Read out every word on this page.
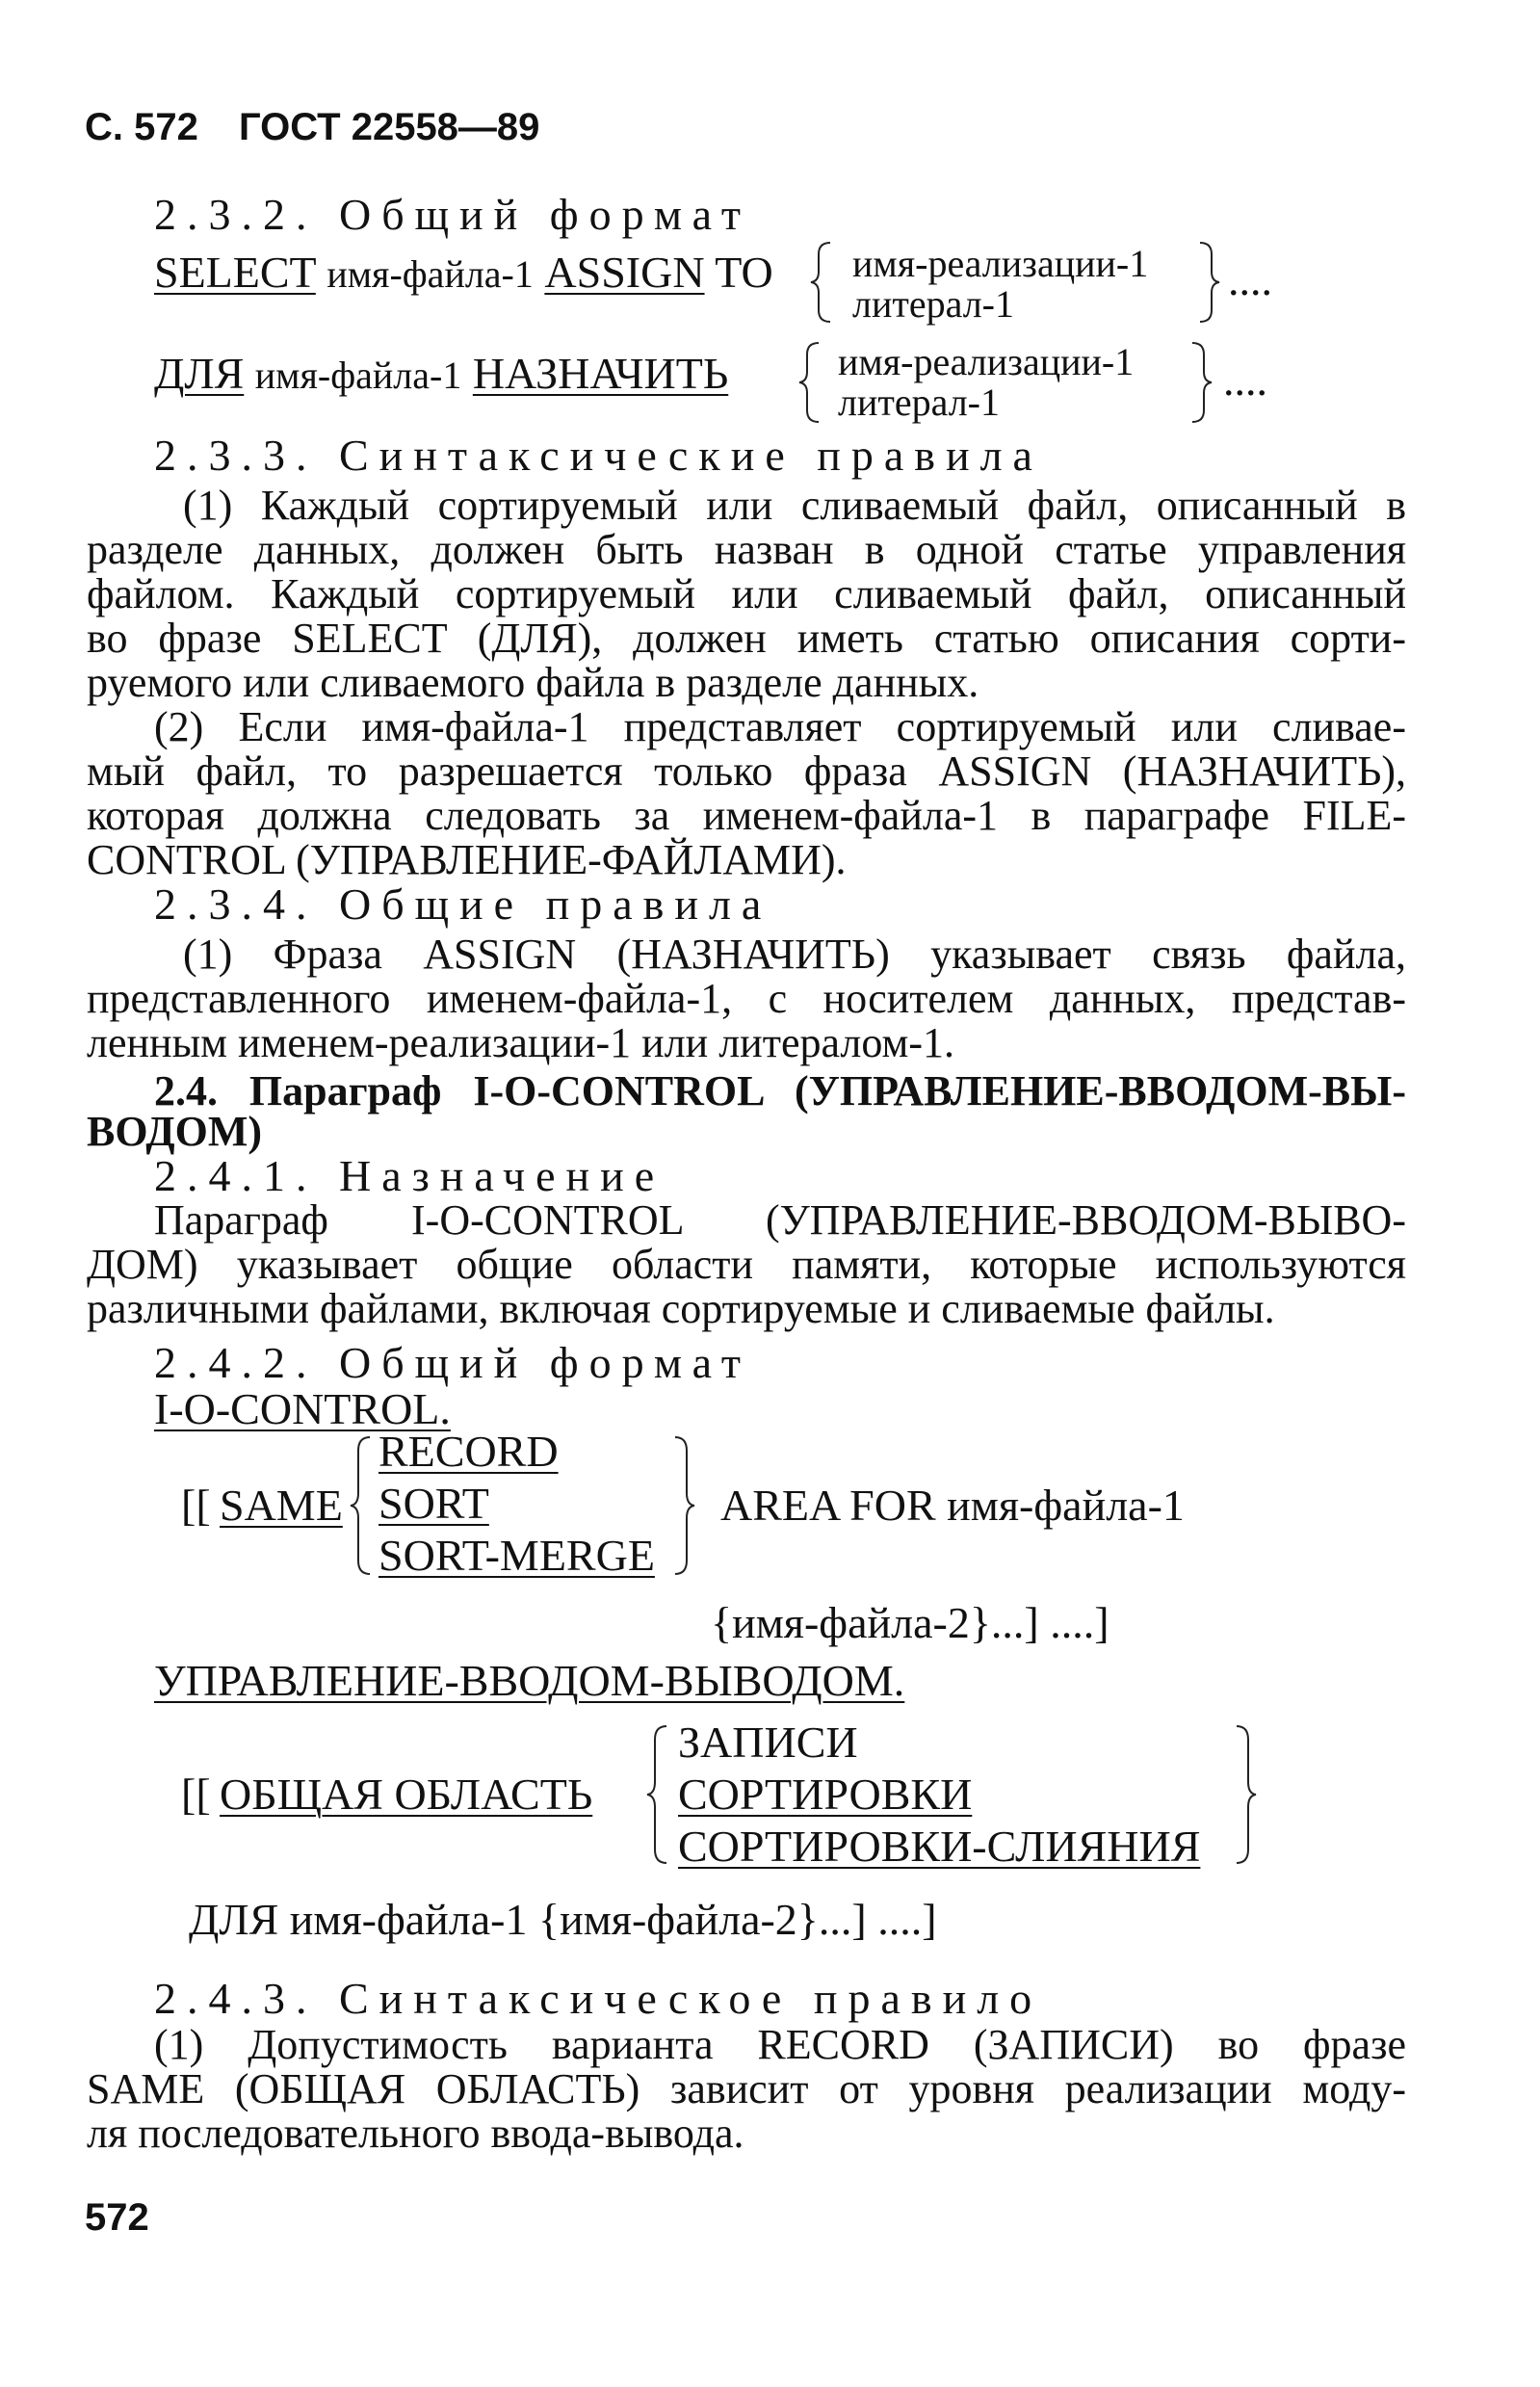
С. 572 ГОСТ 22558—89
2.3.2. Общий формат
SELECT имя-файла-1 ASSIGN TO имя-реализации-1
литерал-1	....
ДЛЯ имя-файла-1 НАЗНАЧИТЬ	имя-реализации-1
литерал-1	....
2.3.3. Синтаксические правила
(1) Каждый сортируемый или сливаемый файл, описанный в
разделе данных, должен быть назван в одной статье управления
файлом. Каждый сортируемый или сливаемый файл, описанный
во фразе SELECT (ДЛЯ), должен иметь статью описания сорти-
руемого или сливаемого файла в разделе данных.
(2) Если имя-файла-1 представляет сортируемый или сливае-
мый файл, то разрешается только фраза ASSIGN (НАЗНАЧИТЬ),
которая должна следовать за именем-файла-1 в параграфе FILE-
CONTROL (УПРАВЛЕНИЕ-ФАЙЛАМИ).
2.3.4. Общие правила
(1) Фраза ASSIGN (НАЗНАЧИТЬ) указывает связь файла,
представленного именем-файла-1, с носителем данных, представ-
ленным именем-реализации-1 или литералом-1.
2.4. Параграф I-O-CONTROL (УПРАВЛЕНИЕ-ВВОДОМ-ВЫ-
ВОДОМ)
2.4.1. Назначение
Параграф I-O-CONTROL (УПРАВЛЕНИЕ-ВВОДОМ-ВЫВО-
ДОМ) указывает общие области памяти, которые используются
различными файлами, включая сортируемые и сливаемые файлы.
2.4.2. Общий формат
I-O-CONTROL.
[[ SAME
RECORD
SORT
SORT-MERGE
AREA FOR имя-файла-1
{имя-файла-2}...] ....]
УПРАВЛЕНИЕ-ВВОДОМ-ВЫВОДОМ.
[[ ОБЩАЯ ОБЛАСТЬ
ЗАПИСИ
СОРТИРОВКИ
СОРТИРОВКИ-СЛИЯНИЯ
ДЛЯ имя-файла-1 {имя-файла-2}...] ....]
2.4.3. Синтаксическое правило
(1) Допустимость варианта RECORD (ЗАПИСИ) во фразе
SAME (ОБЩАЯ ОБЛАСТЬ) зависит от уровня реализации моду-
ля последовательного ввода-вывода.
572
